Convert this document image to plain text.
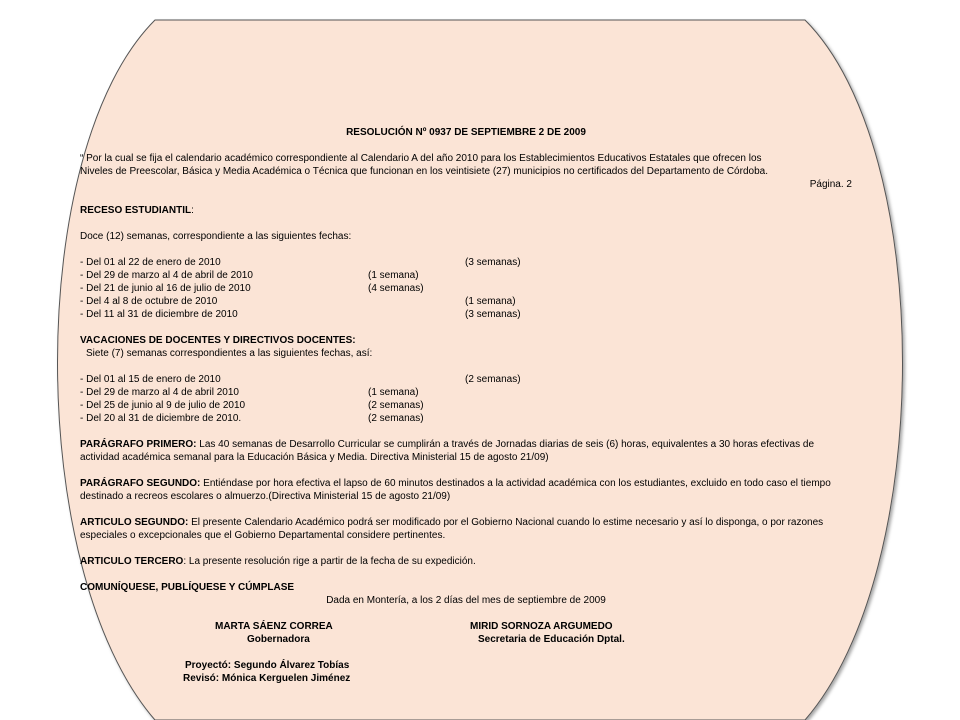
RESOLUCIÓN Nº 0937 DE SEPTIEMBRE 2 DE 2009
“ Por la cual se fija el calendario académico correspondiente al Calendario A del año 2010 para los Establecimientos Educativos Estatales que ofrecen los
Niveles de Preescolar, Básica y Media Académica o Técnica que funcionan en los veintisiete (27) municipios no certificados del Departamento de Córdoba.
Página. 2
RECESO ESTUDIANTIL:
Doce (12) semanas, correspondiente a las siguientes fechas:
- Del 01 al 22 de enero de 2010	(3 semanas)
- Del 29 de marzo al 4 de abril de 2010	(1 semana)
- Del 21 de junio al 16 de julio de 2010	(4 semanas)
- Del 4 al 8 de octubre de 2010	(1 semana)
- Del 11 al 31 de diciembre de 2010	(3 semanas)
VACACIONES DE DOCENTES Y DIRECTIVOS DOCENTES:
Siete (7) semanas correspondientes a las siguientes fechas, así:
- Del 01 al 15 de enero de 2010	(2 semanas)
- Del 29 de marzo al 4 de abril 2010	(1 semana)
- Del 25 de junio al 9 de julio de 2010	(2 semanas)
- Del 20 al 31 de diciembre de 2010.	(2 semanas)
PARÁGRAFO PRIMERO: Las 40 semanas de Desarrollo Curricular se cumplirán a través de Jornadas diarias de seis (6) horas, equivalentes a 30 horas efectivas de actividad académica semanal para la Educación Básica y Media. Directiva Ministerial 15 de agosto 21/09)
PARÁGRAFO SEGUNDO: Entiéndase por hora efectiva el lapso de 60 minutos destinados a la actividad académica con los estudiantes, excluido en todo caso el tiempo destinado a recreos escolares o almuerzo.(Directiva Ministerial 15 de agosto 21/09)
ARTICULO SEGUNDO: El presente Calendario Académico podrá ser modificado por el Gobierno Nacional cuando lo estime necesario y así lo disponga, o por razones especiales o excepcionales que el Gobierno Departamental considere pertinentes.
ARTICULO TERCERO: La presente resolución rige a partir de la fecha de su expedición.
COMUNÍQUESE, PUBLÍQUESE Y CÚMPLASE
Dada en Montería, a los 2 días del mes de septiembre de 2009
MARTA SÁENZ CORREA	MIRID SORNOZA ARGUMEDO
Gobernadora	Secretaria de Educación Dptal.
Proyectó: Segundo Álvarez Tobías
Revisó: Mónica Kerguelen Jiménez
